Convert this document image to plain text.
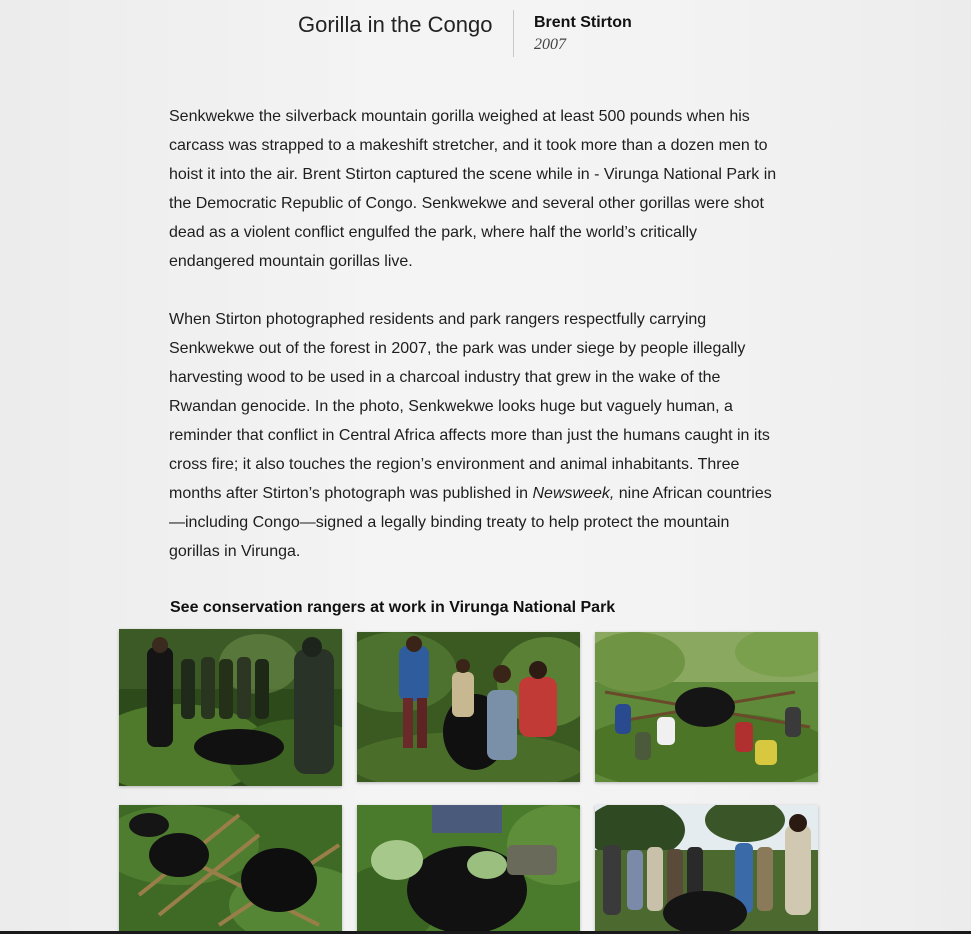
Gorilla in the Congo	Brent Stirton
2007

Senkwekwe the silverback mountain gorilla weighed at least 500 pounds when his carcass was strapped to a makeshift stretcher, and it took more than a dozen men to hoist it into the air. Brent Stirton captured the scene while in - Virunga National Park in the Democratic Republic of Congo. Senkwekwe and several other gorillas were shot dead as a violent conflict engulfed the park, where half the world’s critically endangered mountain gorillas live.

When Stirton photographed residents and park rangers respectfully carrying Senkwekwe out of the forest in 2007, the park was under siege by people illegally harvesting wood to be used in a charcoal industry that grew in the wake of the Rwandan genocide. In the photo, Senkwekwe looks huge but vaguely human, a reminder that conflict in Central Africa affects more than just the humans caught in its cross fire; it also touches the region’s environment and animal inhabitants. Three months after Stirton’s photograph was published in Newsweek, nine African countries—including Congo—signed a legally binding treaty to help protect the mountain gorillas in Virunga.

See conservation rangers at work in Virunga National Park
